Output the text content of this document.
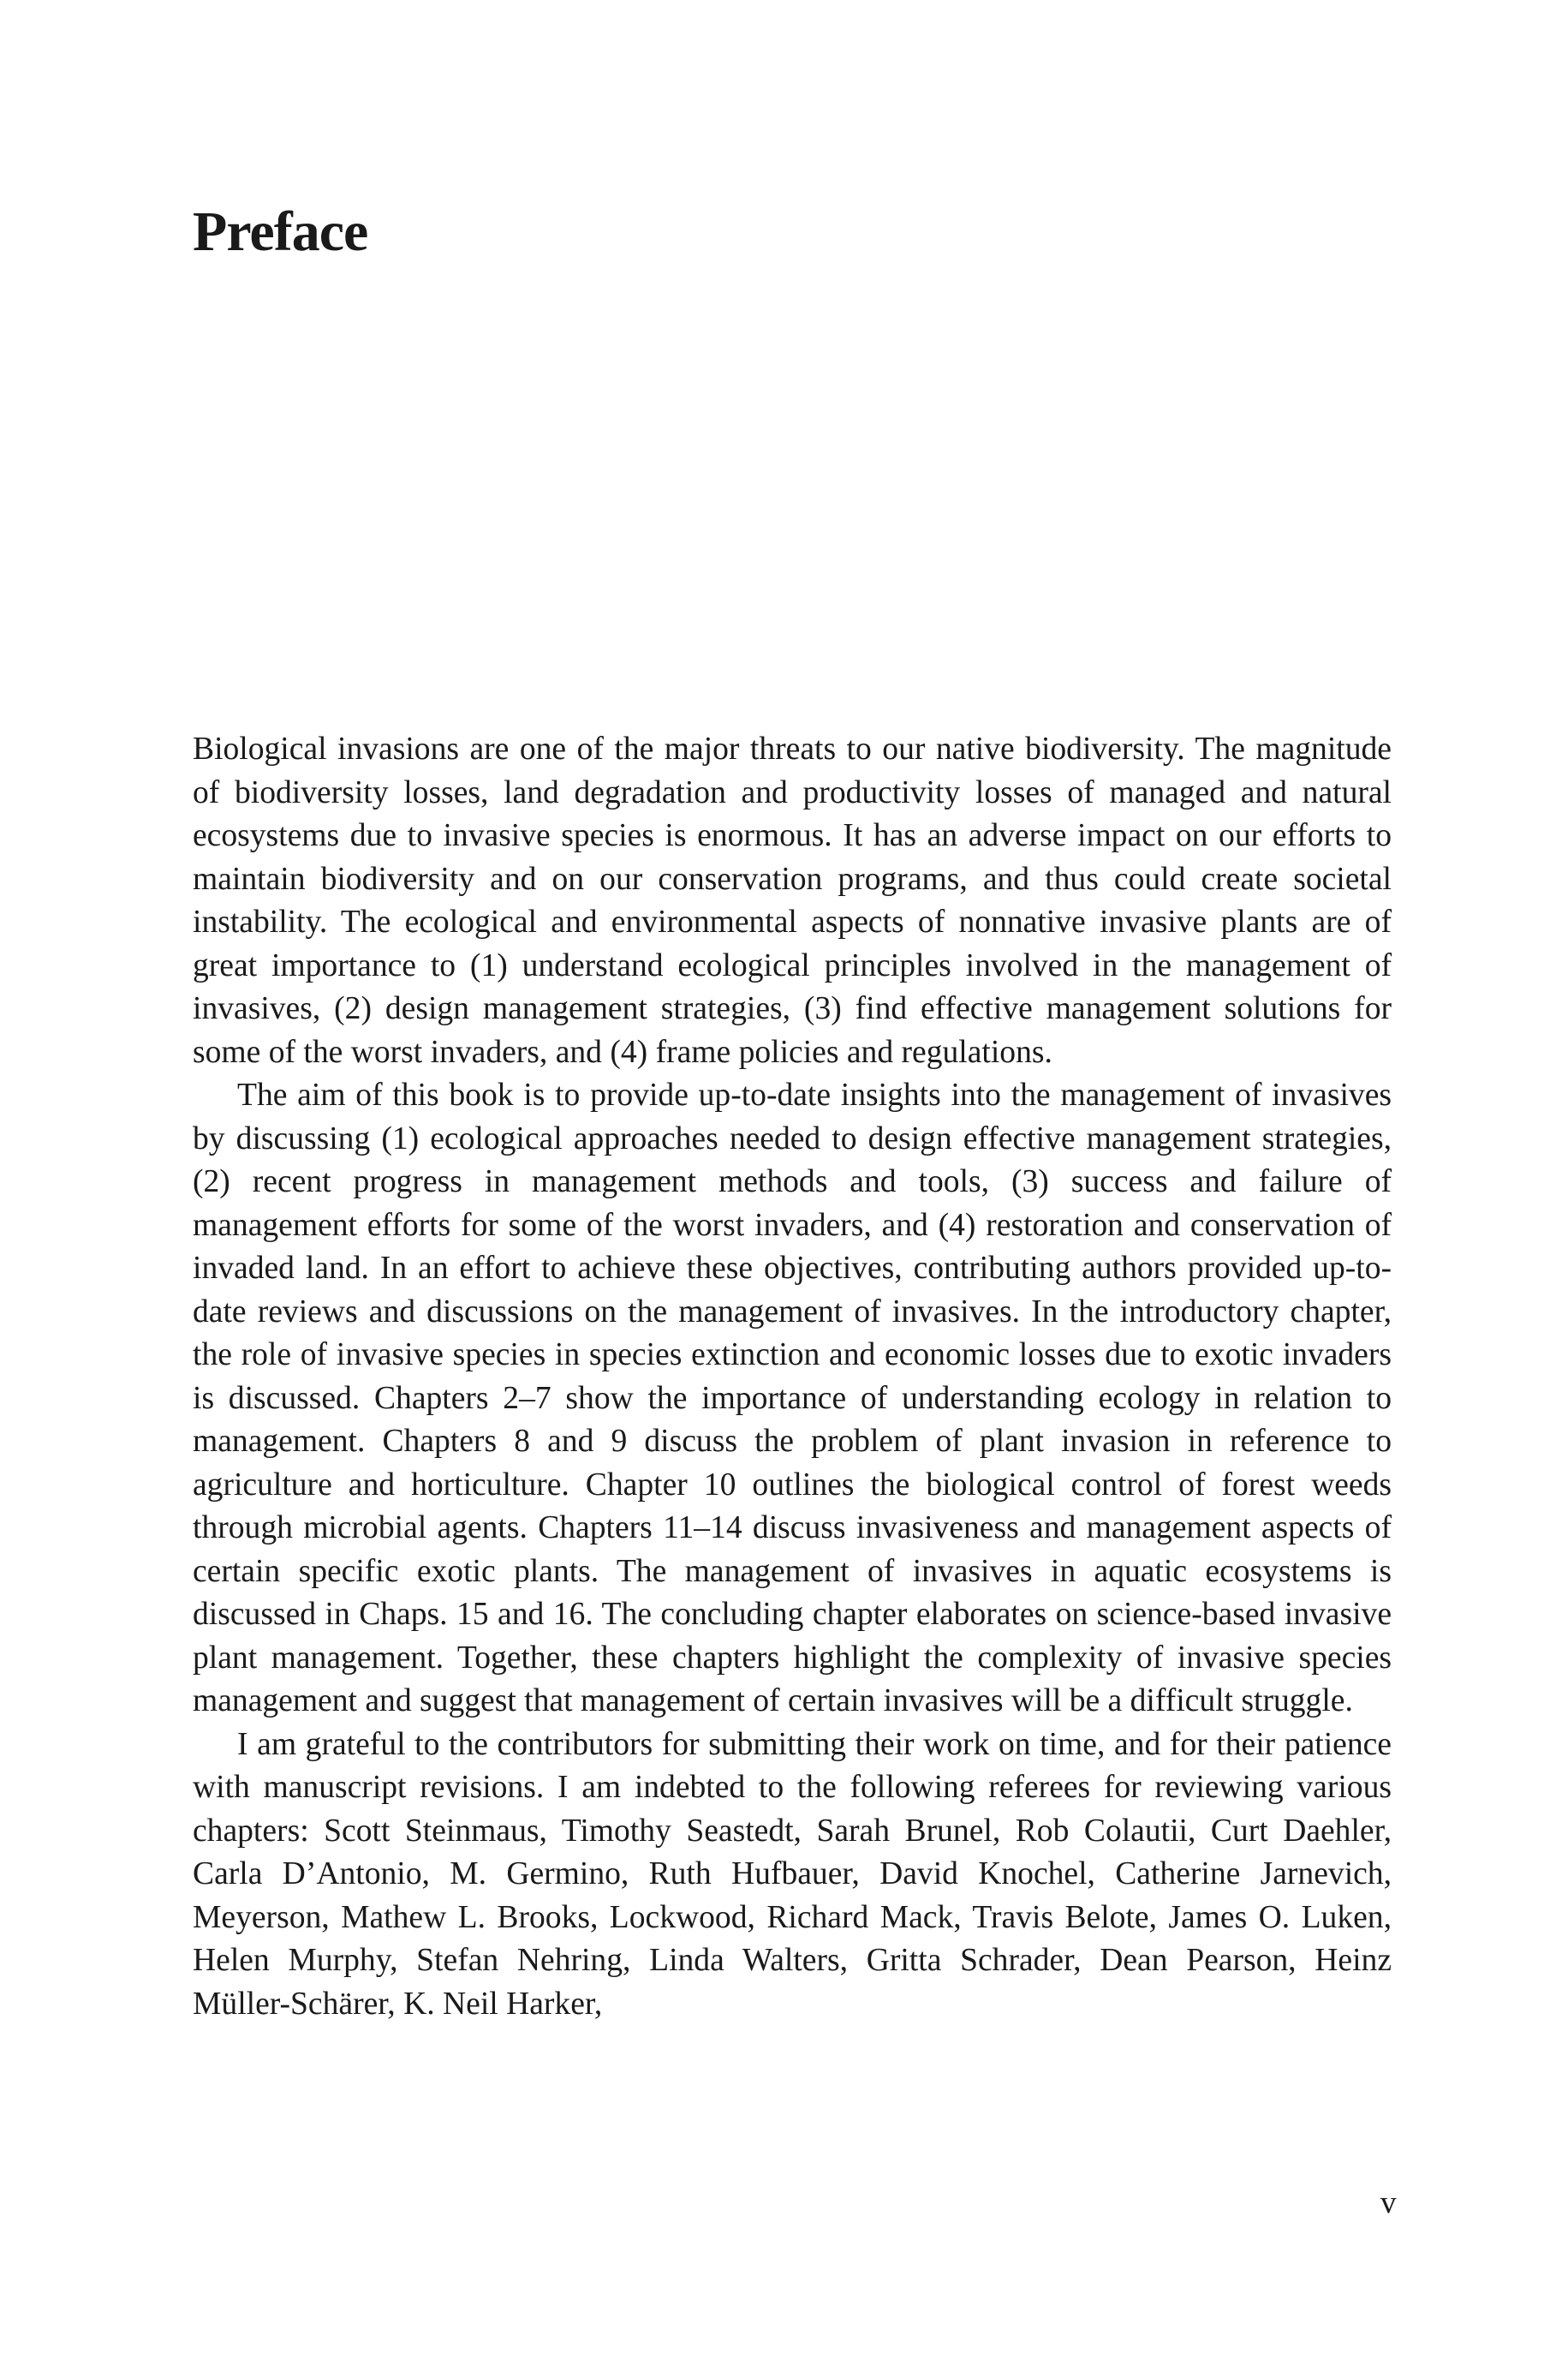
Preface

Biological invasions are one of the major threats to our native biodiversity. The magnitude of biodiversity losses, land degradation and productivity losses of managed and natural ecosystems due to invasive species is enormous. It has an adverse impact on our efforts to maintain biodiversity and on our conservation programs, and thus could create societal instability. The ecological and environmental aspects of nonnative invasive plants are of great importance to (1) understand ecological principles involved in the management of invasives, (2) design management strategies, (3) find effective management solutions for some of the worst invaders, and (4) frame policies and regulations.

The aim of this book is to provide up-to-date insights into the management of invasives by discussing (1) ecological approaches needed to design effective management strategies, (2) recent progress in management methods and tools, (3) success and failure of management efforts for some of the worst invaders, and (4) restoration and conservation of invaded land. In an effort to achieve these objectives, contributing authors provided up-to-date reviews and discussions on the management of invasives. In the introductory chapter, the role of invasive species in species extinction and economic losses due to exotic invaders is discussed. Chapters 2–7 show the importance of understanding ecology in relation to management. Chapters 8 and 9 discuss the problem of plant invasion in reference to agriculture and horticulture. Chapter 10 outlines the biological control of forest weeds through microbial agents. Chapters 11–14 discuss invasiveness and management aspects of certain specific exotic plants. The management of invasives in aquatic ecosystems is discussed in Chaps. 15 and 16. The concluding chapter elaborates on science-based invasive plant management. Together, these chapters highlight the complexity of invasive species management and suggest that management of certain invasives will be a difficult struggle.

I am grateful to the contributors for submitting their work on time, and for their patience with manuscript revisions. I am indebted to the following referees for reviewing various chapters: Scott Steinmaus, Timothy Seastedt, Sarah Brunel, Rob Colautii, Curt Daehler, Carla D’Antonio, M. Germino, Ruth Hufbauer, David Knochel, Catherine Jarnevich, Meyerson, Mathew L. Brooks, Lockwood, Richard Mack, Travis Belote, James O. Luken, Helen Murphy, Stefan Nehring, Linda Walters, Gritta Schrader, Dean Pearson, Heinz Müller-Schärer, K. Neil Harker,

v
